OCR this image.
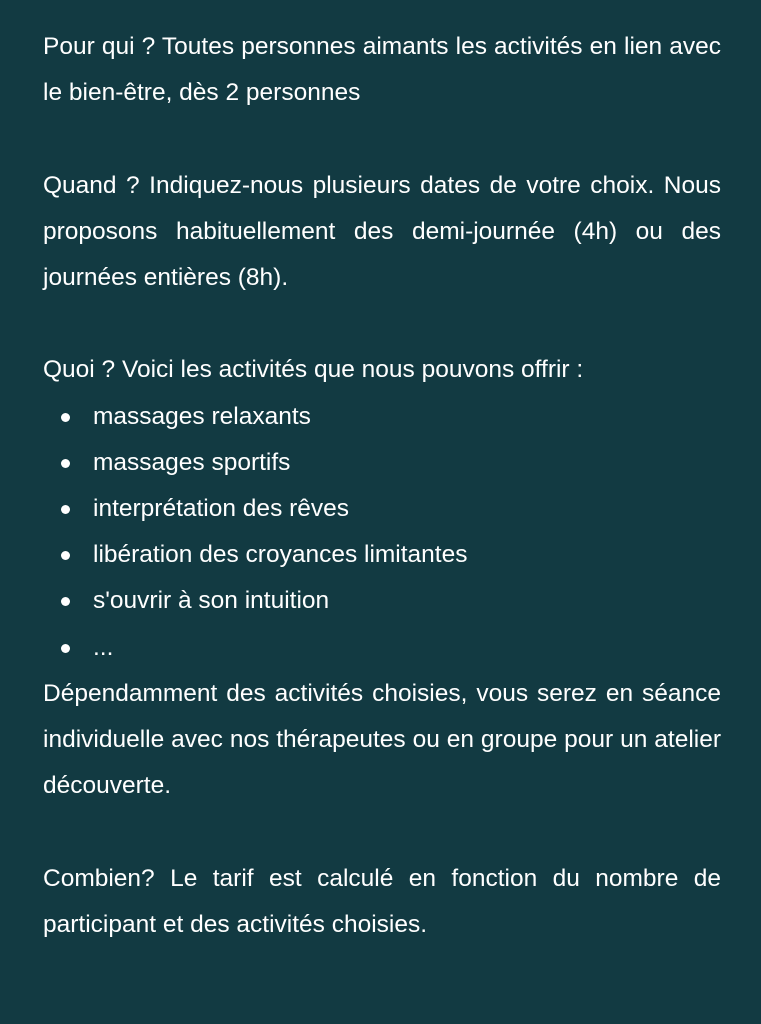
Pour qui ? Toutes personnes aimants les activités en lien avec le bien-être, dès 2 personnes

Quand ? Indiquez-nous plusieurs dates de votre choix. Nous proposons habituellement des demi-journée (4h) ou des journées entières (8h).

Quoi ? Voici les activités que nous pouvons offrir :

massages relaxants
massages sportifs
interprétation des rêves
libération des croyances limitantes
s'ouvrir à son intuition
...

Dépendamment des activités choisies, vous serez en séance individuelle avec nos thérapeutes ou en groupe pour un atelier découverte.

Combien? Le tarif est calculé en fonction du nombre de participant et des activités choisies.
